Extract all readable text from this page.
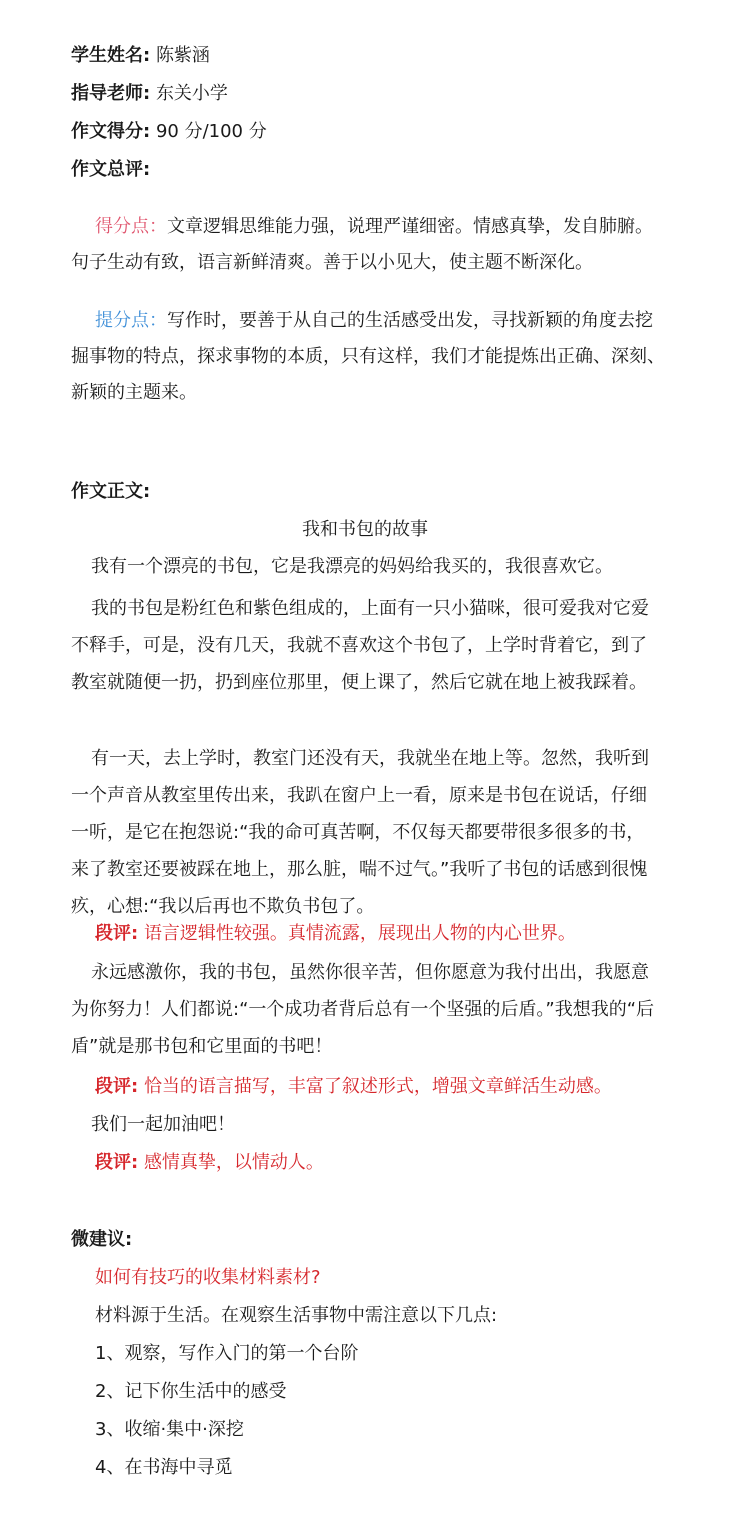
学生姓名: 陈紫涵
指导老师: 东关小学
作文得分: 90 分/100 分
作文总评:
得分点：文章逻辑思维能力强，说理严谨细密。情感真挚，发自肺腑。句子生动有致，语言新鲜清爽。善于以小见大，使主题不断深化。
提分点：写作时，要善于从自己的生活感受出发，寻找新颖的角度去挖掘事物的特点，探求事物的本质，只有这样，我们才能提炼出正确、深刻、新颖的主题来。
作文正文:
我和书包的故事
我有一个漂亮的书包，它是我漂亮的妈妈给我买的，我很喜欢它。
我的书包是粉红色和紫色组成的，上面有一只小猫咪，很可爱我对它爱不释手，可是，没有几天，我就不喜欢这个书包了，上学时背着它，到了教室就随便一扔，扔到座位那里，便上课了，然后它就在地上被我踩着。
有一天，去上学时，教室门还没有天，我就坐在地上等。忽然，我听到一个声音从教室里传出来，我趴在窗户上一看，原来是书包在说话，仔细一听，是它在抱怨说:“我的命可真苦啊，不仅每天都要带很多很多的书，来了教室还要被踩在地上，那么脏，喘不过气。”我听了书包的话感到很愧疚，心想:“我以后再也不欺负书包了。
段评: 语言逻辑性较强。真情流露，展现出人物的内心世界。
永远感激你，我的书包，虽然你很辛苦，但你愿意为我付出出，我愿意为你努力！人们都说:“一个成功者背后总有一个坚强的后盾。”我想我的“后盾”就是那书包和它里面的书吧！
段评: 恰当的语言描写，丰富了叙述形式，增强文章鲜活生动感。
我们一起加油吧！
段评: 感情真挚，以情动人。
微建议:
如何有技巧的收集材料素材?
材料源于生活。在观察生活事物中需注意以下几点:
1、观察，写作入门的第一个台阶
2、记下你生活中的感受
3、收缩·集中·深挖
4、在书海中寻觅
